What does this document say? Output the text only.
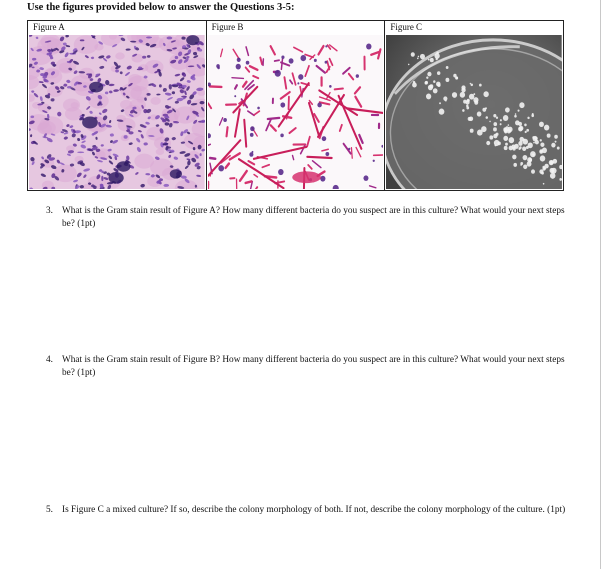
Use the figures provided below to answer the Questions 3-5:
Figure A	Figure B	Figure C
3. What is the Gram stain result of Figure A? How many different bacteria do you suspect are in this culture? What would your next steps be? (1pt)
4. What is the Gram stain result of Figure B? How many different bacteria do you suspect are in this culture? What would your next steps be? (1pt)
5. Is Figure C a mixed culture? If so, describe the colony morphology of both. If not, describe the colony morphology of the culture. (1pt)
